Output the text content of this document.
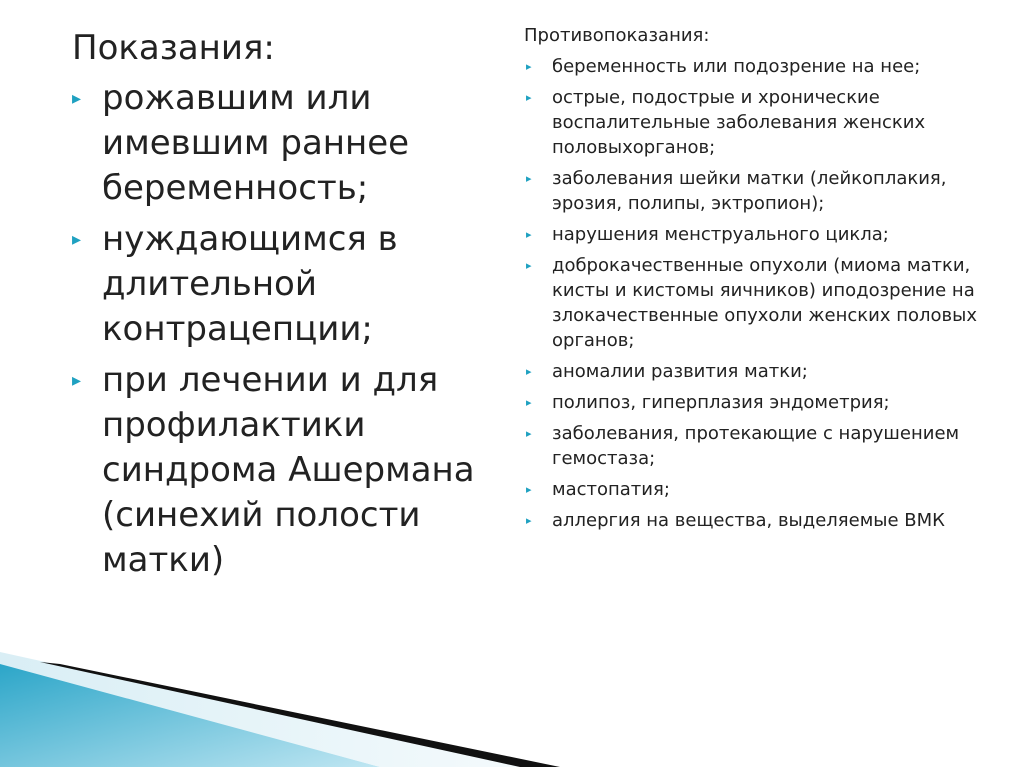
Показания:
▸ рожавшим или имевшим раннее беременность;
▸ нуждающимся в длительной контрацепции;
▸ при лечении и для профилактики синдрома Ашермана (синехий полости матки)
Противопоказания:
▸ беременность или подозрение на нее;
▸ острые, подострые и хронические воспалительные заболевания женских половыхорганов;
▸ заболевания шейки матки (лейкоплакия, эрозия, полипы, эктропион);
▸ нарушения менструального цикла;
▸ доброкачественные опухоли (миома матки, кисты и кистомы яичников) иподозрение на злокачественные опухоли женских половых органов;
▸ аномалии развития матки;
▸ полипоз, гиперплазия эндометрия;
▸ заболевания, протекающие с нарушением гемостаза;
▸ мастопатия;
▸ аллергия на вещества, выделяемые ВМК
